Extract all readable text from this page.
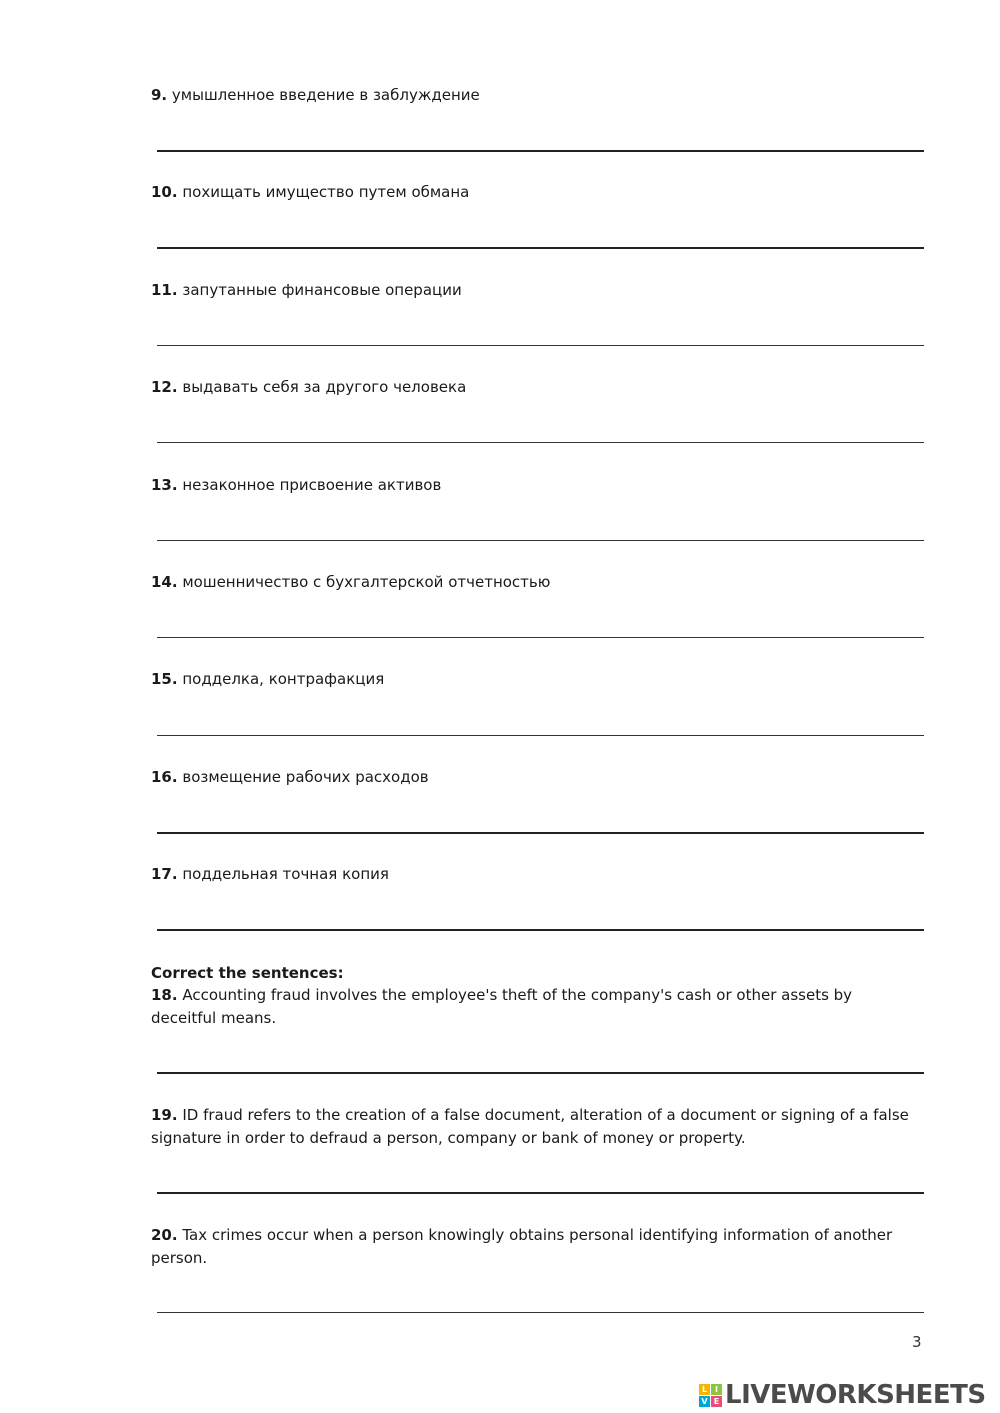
9. умышленное введение в заблуждение

10. похищать имущество путем обмана

11. запутанные финансовые операции

12. выдавать себя за другого человека

13. незаконное присвоение активов

14. мошенничество с бухгалтерской отчетностью

15. подделка, контрафакция

16. возмещение рабочих расходов

17. поддельная точная копия

Correct the sentences:

18. Accounting fraud involves the employee's theft of the company's cash or other assets by deceitful means.

19. ID fraud refers to the creation of a false document, alteration of a document or signing of a false signature in order to defraud a person, company or bank of money or property.

20. Tax crimes occur when a person knowingly obtains personal identifying information of another person.

3
L I
V E LIVEWORKSHEETS
